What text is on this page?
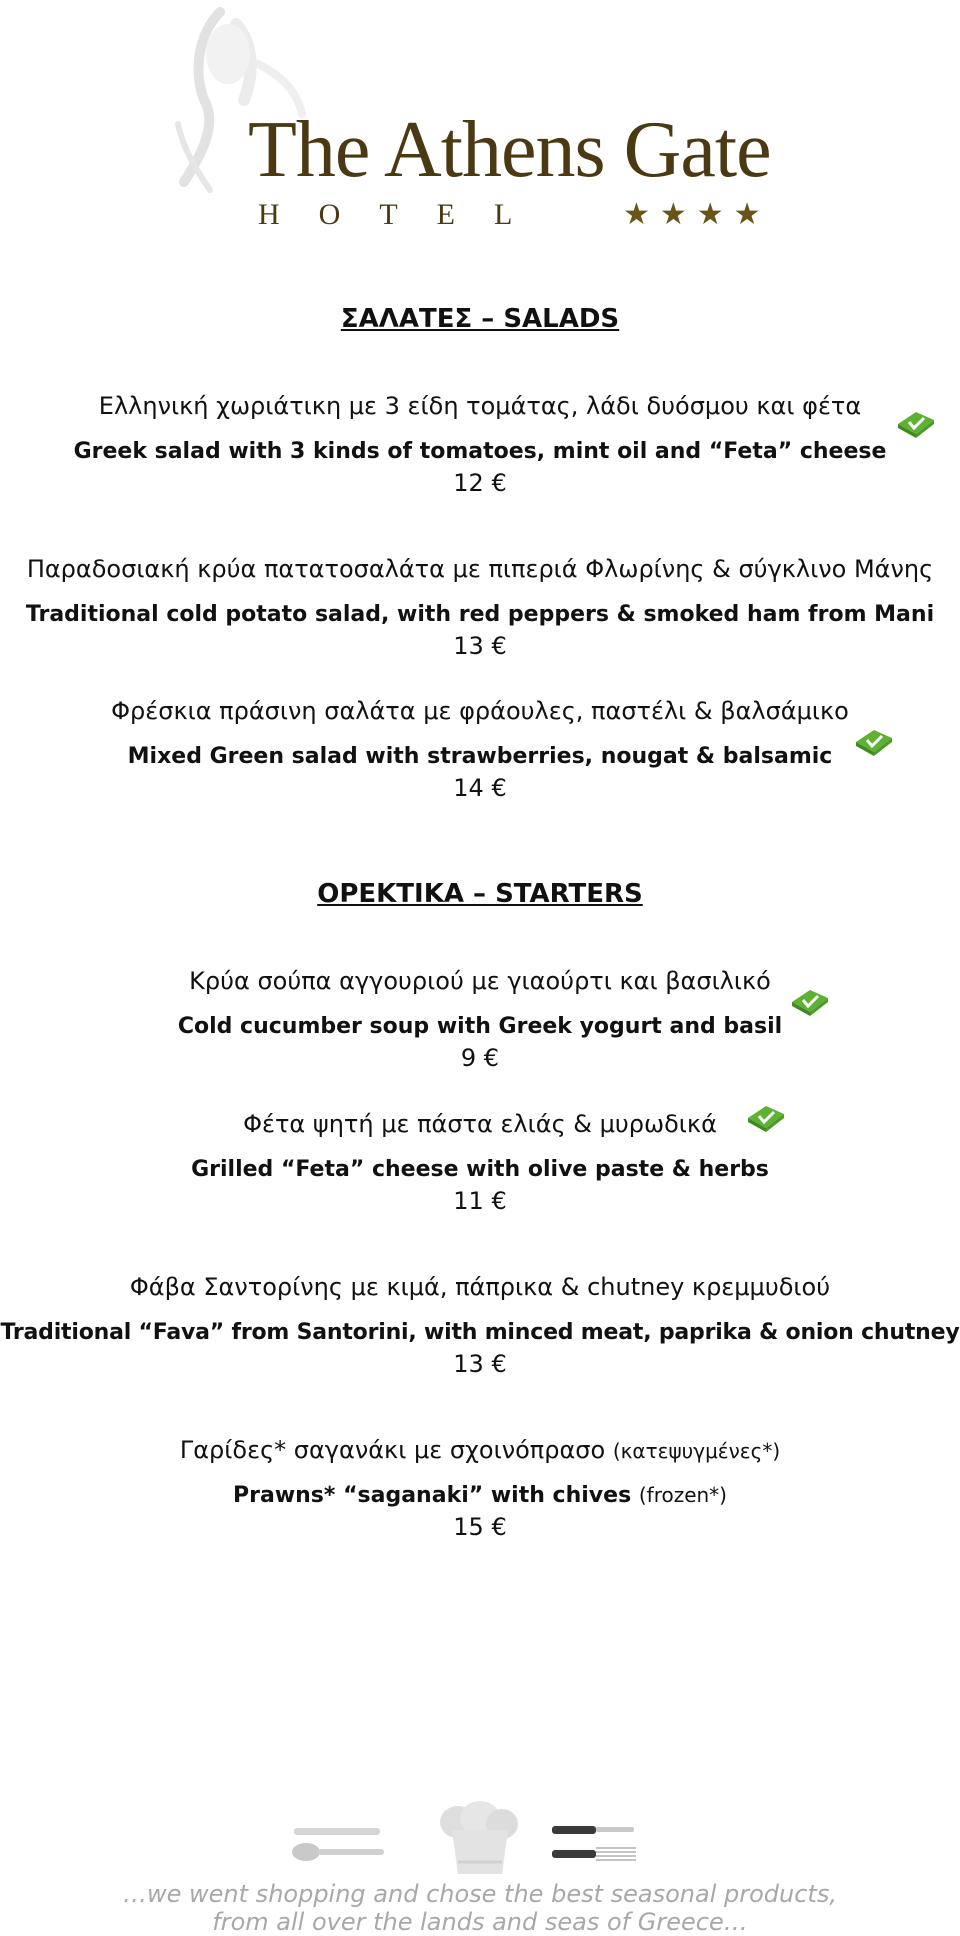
The Athens Gate
HOTEL	★★★★
ΣΑΛΑΤΕΣ – SALADS
Ελληνική χωριάτικη με 3 είδη τομάτας, λάδι δυόσμου και φέτα
Greek salad with 3 kinds of tomatoes, mint oil and “Feta” cheese
12 €
Παραδοσιακή κρύα πατατοσαλάτα με πιπεριά Φλωρίνης & σύγκλινο Μάνης
Traditional cold potato salad, with red peppers & smoked ham from Mani
13 €
Φρέσκια πράσινη σαλάτα με φράουλες, παστέλι & βαλσάμικο
Mixed Green salad with strawberries, nougat & balsamic
14 €
ΟΡΕΚΤΙΚΑ – STARTERS
Κρύα σούπα αγγουριού με γιαούρτι και βασιλικό
Cold cucumber soup with Greek yogurt and basil
9 €
Φέτα ψητή με πάστα ελιάς & μυρωδικά
Grilled “Feta” cheese with olive paste & herbs
11 €
Φάβα Σαντορίνης με κιμά, πάπρικα & chutney κρεμμυδιού
Traditional “Fava” from Santorini, with minced meat, paprika & onion chutney
13 €
Γαρίδες* σαγανάκι με σχοινόπρασο (κατεψυγμένες*)
Prawns* “saganaki” with chives (frozen*)
15 €
…we went shopping and chose the best seasonal products,
from all over the lands and seas of Greece…
